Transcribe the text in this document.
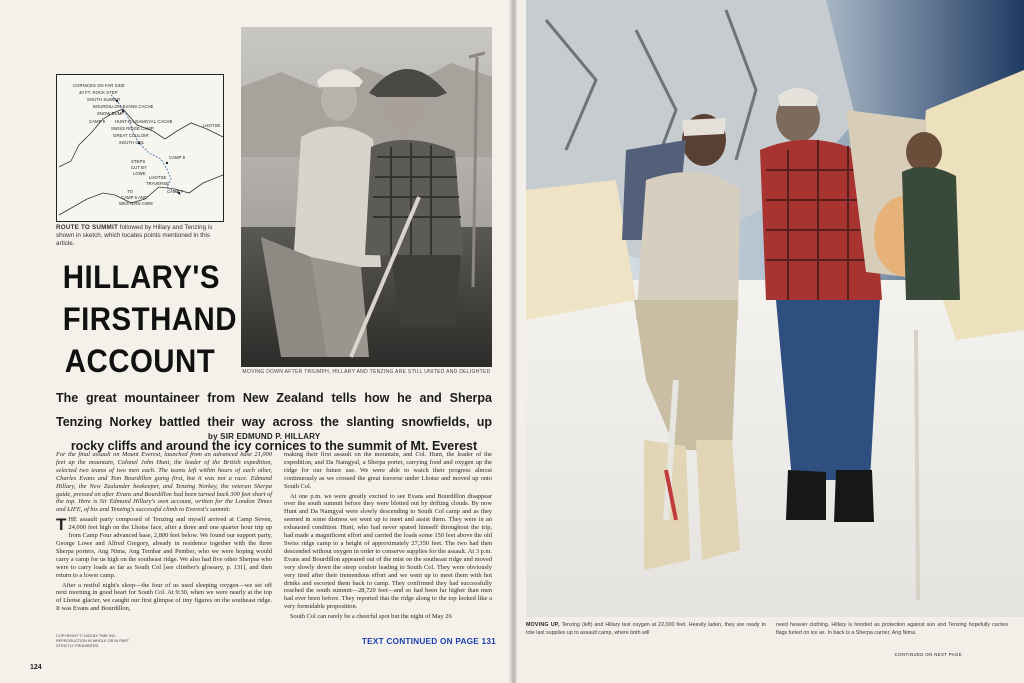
CORNICES ON FAR SIDE
40 FT. ROCK STEP
SOUTH SUMMIT
BOURDILLON-EVANS CACHE
SNOW BUMP
CAMP 9 HUNT-DA NAMGYAL CACHE
SWISS RIDGE CAMP
GREAT COULOIR
SOUTH COL
LHOTSE
CAMP 8
STEPS
CUT BY
LOWE
LHOTSE
TRAVERSE
CAMP 7
TO
CAMP 6 AND
WESTERN CWM
ROUTE TO SUMMIT followed by Hillary and Tenzing is shown in sketch, which locates points mentioned in this article.
MOVING DOWN AFTER TRIUMPH, HILLARY AND TENZING ARE STILL UNITED AND DELIGHTED
HILLARY'S
FIRSTHAND
ACCOUNT
The great mountaineer from New Zealand tells how he and Sherpa Tenzing Norkey battled their way across the slanting snowfields, up rocky cliffs and around the icy cornices to the summit of Mt. Everest
by SIR EDMUND P. HILLARY

For the final assault on Mount Everest, launched from an advanced base 21,000 feet up the mountain, Colonel John Hunt, the leader of the British expedition, selected two teams of two men each. The teams left within hours of each other, Charles Evans and Tom Bourdillon going first, but it was not a race. Edmund Hillary, the New Zealander beekeeper, and Tenzing Norkey, the veteran Sherpa guide, pressed on after Evans and Bourdillon had been turned back 300 feet short of the top. Here is Sir Edmund Hillary's own account, written for the London Times and LIFE, of his and Tenzing's successful climb to Everest's summit:

THE assault party composed of Tenzing and myself arrived at Camp Seven, 24,000 feet high on the Lhotse face, after a three and one quarter hour trip up from Camp Four advanced base, 2,800 feet below. We found our support party, George Lowe and Alfred Gregory, already in residence together with the three Sherpa porters, Ang Nima, Ang Tembar and Pember, who we were hoping would carry a camp for us high on the southeast ridge. We also had five other Sherpas who were to carry loads as far as South Col [see climber's glossary, p. 131], and then return to a lower camp.

After a restful night's sleep—the four of us used sleeping oxygen—we set off next morning in good heart for South Col. At 9:30, when we were nearly at the top of Lhotse glacier, we caught our first glimpse of tiny figures on the southeast ridge. It was Evans and Bourdillon,

making their first assault on the mountain, and Col. Hunt, the leader of the expedition, and Da Namgyal, a Sherpa porter, carrying food and oxygen up the ridge for our future use. We were able to watch their progress almost continuously as we crossed the great traverse under Lhotse and moved up onto South Col.

At one p.m. we were greatly excited to see Evans and Bourdillon disappear over the south summit before they were blotted out by drifting clouds. By now Hunt and Da Namgyal were slowly descending to South Col camp and as they seemed in some distress we went up to meet and assist them. They were in an exhausted condition. Hunt, who had never spared himself throughout the trip, had made a magnificent effort and carried the loads some 150 feet above the old Swiss ridge camp to a height of approximately 27,350 feet. The two had then descended without oxygen in order to conserve supplies for the assault. At 3 p.m. Evans and Bourdillon appeared out of the mist on the southeast ridge and moved very slowly down the steep couloir leading to South Col. They were obviously very tired after their tremendous effort and we went up to meet them with hot drinks and escorted them back to camp. They confirmed they had successfully reached the south summit—28,720 feet—and so had been far higher than men had ever been before. They reported that the ridge along to the top looked like a very formidable proposition.

South Col can rarely be a cheerful spot but the night of May 26

COPYRIGHT © 1953 BY TIME INC. REPRODUCTION IN WHOLE OR IN PART STRICTLY PROHIBITED.	TEXT CONTINUED ON PAGE 131
124
MOVING UP, Tenzing (left) and Hillary test oxygen at 22,000 feet. Heavily laden, they are ready to tote last supplies up to assault camp, where both will
need heavier clothing. Hillary is hooded as protection against sun and Tenzing hopefully carries flags furled on ice ax. In back is a Sherpa carrier, Ang Nima.
CONTINUED ON NEXT PAGE
